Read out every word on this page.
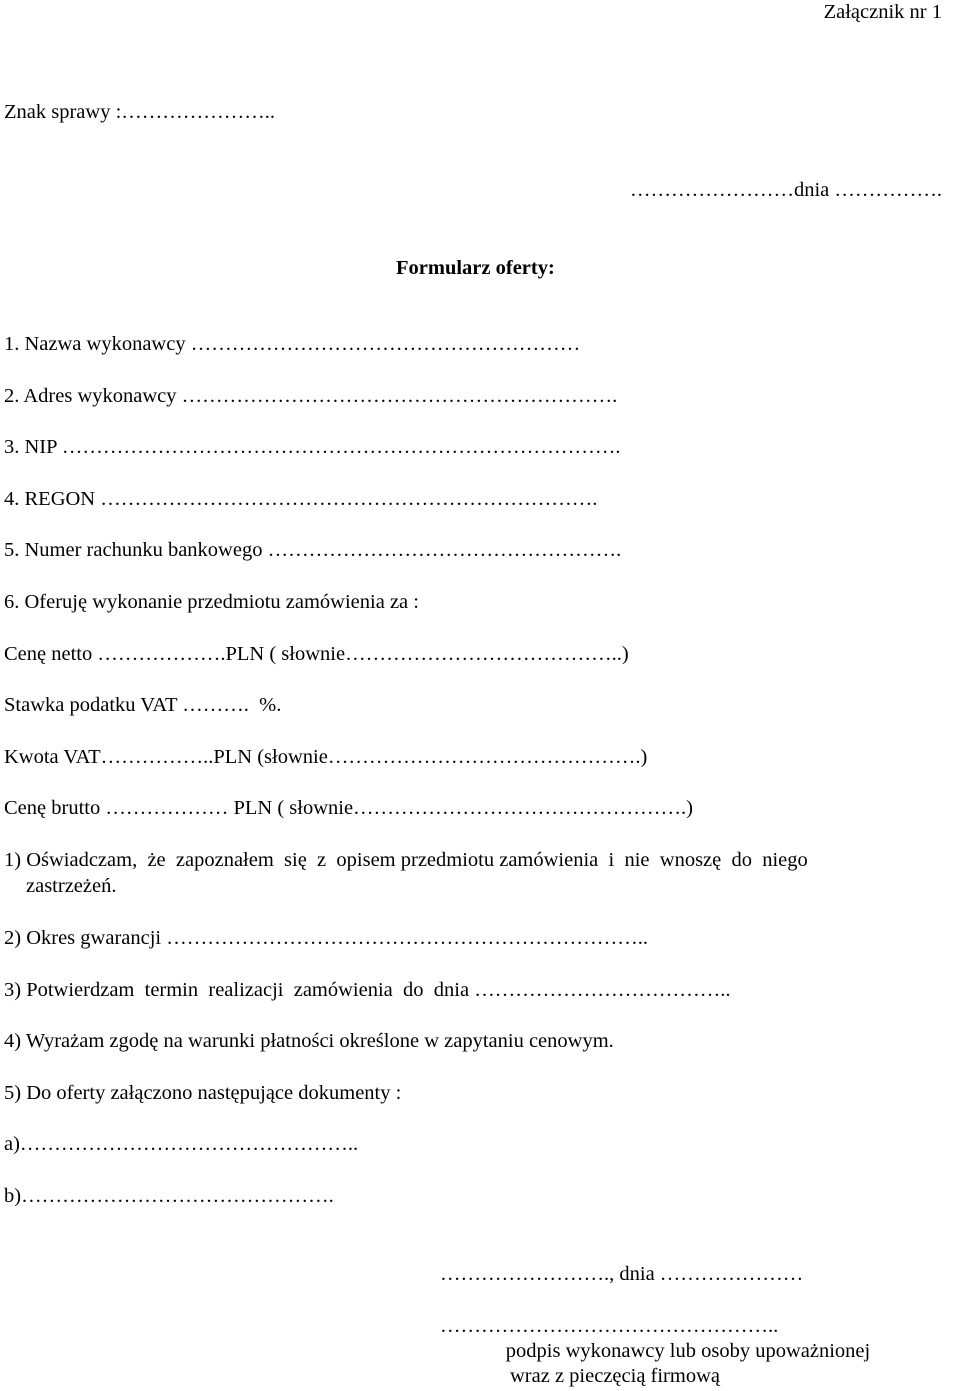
Załącznik nr 1
Znak sprawy :…………………..
……………………dnia …………….
Formularz oferty:
1. Nazwa wykonawcy …………………………………………………
2. Adres wykonawcy ……………………………………………………….
3. NIP ……………………………………………………………………….
4. REGON ……………………………………………………………….
5. Numer rachunku bankowego …………………………………………….
6. Oferuję wykonanie przedmiotu zamówienia za :
Cenę netto ……………….PLN ( słownie…………………………………..)
Stawka podatku VAT ……….  %.
Kwota VAT……………..PLN (słownie……………………………………….)
Cenę brutto ……………… PLN ( słownie………………………………………….)
1) Oświadczam,  że  zapoznałem  się  z  opisem przedmiotu zamówienia  i  nie  wnoszę  do  niego
zastrzeżeń.
2) Okres gwarancji ……………………………………………………………..
3) Potwierdzam  termin  realizacji  zamówienia  do  dnia ………………………………..
4) Wyrażam zgodę na warunki płatności określone w zapytaniu cenowym.
5) Do oferty załączono następujące dokumenty :
a)…………………………………………..
b)……………………………………….
……………………., dnia …………………
…………………………………………..
podpis wykonawcy lub osoby upoważnionej
wraz z pieczęcią firmową
